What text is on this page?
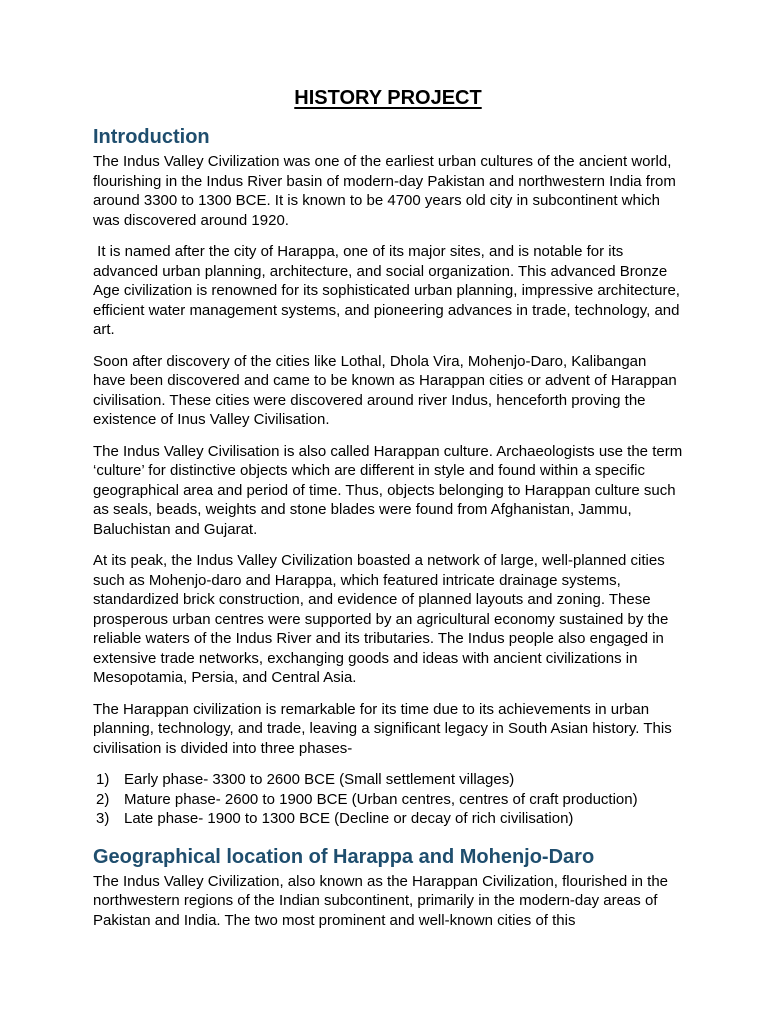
HISTORY PROJECT
Introduction
The Indus Valley Civilization was one of the earliest urban cultures of the ancient world, flourishing in the Indus River basin of modern-day Pakistan and northwestern India from around 3300 to 1300 BCE. It is known to be 4700 years old city in subcontinent which was discovered around 1920.
It is named after the city of Harappa, one of its major sites, and is notable for its advanced urban planning, architecture, and social organization. This advanced Bronze Age civilization is renowned for its sophisticated urban planning, impressive architecture, efficient water management systems, and pioneering advances in trade, technology, and art.
Soon after discovery of the cities like Lothal, Dhola Vira, Mohenjo-Daro, Kalibangan have been discovered and came to be known as Harappan cities or advent of Harappan civilisation. These cities were discovered around river Indus, henceforth proving the existence of Inus Valley Civilisation.
The Indus Valley Civilisation is also called Harappan culture. Archaeologists use the term ‘culture’ for distinctive objects which are different in style and found within a specific geographical area and period of time. Thus, objects belonging to Harappan culture such as seals, beads, weights and stone blades were found from Afghanistan, Jammu, Baluchistan and Gujarat.
At its peak, the Indus Valley Civilization boasted a network of large, well-planned cities such as Mohenjo-daro and Harappa, which featured intricate drainage systems, standardized brick construction, and evidence of planned layouts and zoning. These prosperous urban centres were supported by an agricultural economy sustained by the reliable waters of the Indus River and its tributaries. The Indus people also engaged in extensive trade networks, exchanging goods and ideas with ancient civilizations in Mesopotamia, Persia, and Central Asia.
The Harappan civilization is remarkable for its time due to its achievements in urban planning, technology, and trade, leaving a significant legacy in South Asian history. This civilisation is divided into three phases-
1) Early phase- 3300 to 2600 BCE (Small settlement villages)
2) Mature phase- 2600 to 1900 BCE (Urban centres, centres of craft production)
3) Late phase- 1900 to 1300 BCE (Decline or decay of rich civilisation)
Geographical location of Harappa and Mohenjo-Daro
The Indus Valley Civilization, also known as the Harappan Civilization, flourished in the northwestern regions of the Indian subcontinent, primarily in the modern-day areas of Pakistan and India. The two most prominent and well-known cities of this
